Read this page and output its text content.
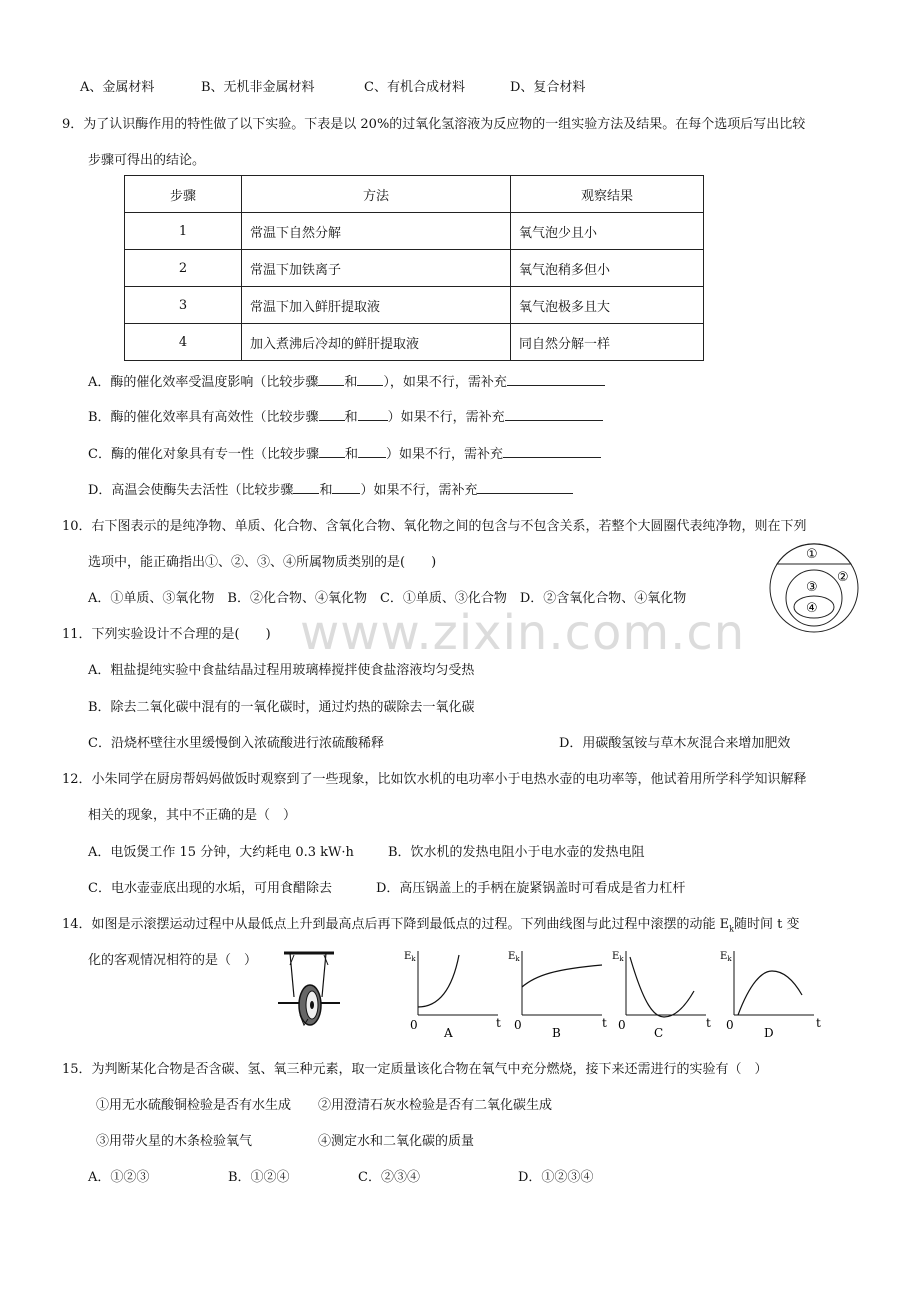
www.zixin.com.cn
A、金属材料	B、无机非金属材料	C、有机合成材料	D、复合材料
9．为了认识酶作用的特性做了以下实验。下表是以 20%的过氧化氢溶液为反应物的一组实验方法及结果。在每个选项后写出比较
步骤可得出的结论。
步骤	方法	观察结果
1	常温下自然分解	氧气泡少且小
2	常温下加铁离子	氧气泡稍多但小
3	常温下加入鲜肝提取液	氧气泡极多且大
4	加入煮沸后冷却的鲜肝提取液	同自然分解一样
A．酶的催化效率受温度影响（比较步骤 和 ），如果不行，需补充
B．酶的催化效率具有高效性（比较步骤 和 ）如果不行，需补充
C．酶的催化对象具有专一性（比较步骤 和 ）如果不行，需补充
D．高温会使酶失去活性（比较步骤 和 ）如果不行，需补充
10．右下图表示的是纯净物、单质、化合物、含氧化合物、氧化物之间的包含与不包含关系，若整个大圆圈代表纯净物，则在下列
选项中，能正确指出①、②、③、④所属物质类别的是(　　)
A．①单质、③氧化物　B．②化合物、④氧化物　C．①单质、③化合物　D．②含氧化合物、④氧化物
①
②
③
④
11．下列实验设计不合理的是(　　)
A．粗盐提纯实验中食盐结晶过程用玻璃棒搅拌使食盐溶液均匀受热
B．除去二氧化碳中混有的一氧化碳时，通过灼热的碳除去一氧化碳
C．沿烧杯壁往水里缓慢倒入浓硫酸进行浓硫酸稀释	D．用碳酸氢铵与草木灰混合来增加肥效
12．小朱同学在厨房帮妈妈做饭时观察到了一些现象，比如饮水机的电功率小于电热水壶的电功率等，他试着用所学科学知识解释
相关的现象，其中不正确的是（　）
A．电饭煲工作 15 分钟，大约耗电 0.3 kW·h	B．饮水机的发热电阻小于电水壶的发热电阻
C．电水壶壶底出现的水垢，可用食醋除去	D．高压锅盖上的手柄在旋紧锅盖时可看成是省力杠杆
14．如图是示滚摆运动过程中从最低点上升到最高点后再下降到最低点的过程。下列曲线图与此过程中滚摆的动能 $E_k$随时间 t 变
化的客观情况相符的是（　）	$E_k$
0
A
t
$E_k$
0
B
t
$E_k$
0
C
t
$E_k$
0
D
t
15．为判断某化合物是否含碳、氢、氧三种元素，取一定质量该化合物在氧气中充分燃烧，接下来还需进行的实验有（　）
①用无水硫酸铜检验是否有水生成 ②用澄清石灰水检验是否有二氧化碳生成
③用带火星的木条检验氧气	④测定水和二氧化碳的质量
A．①②③	B．①②④	C．②③④	D．①②③④
